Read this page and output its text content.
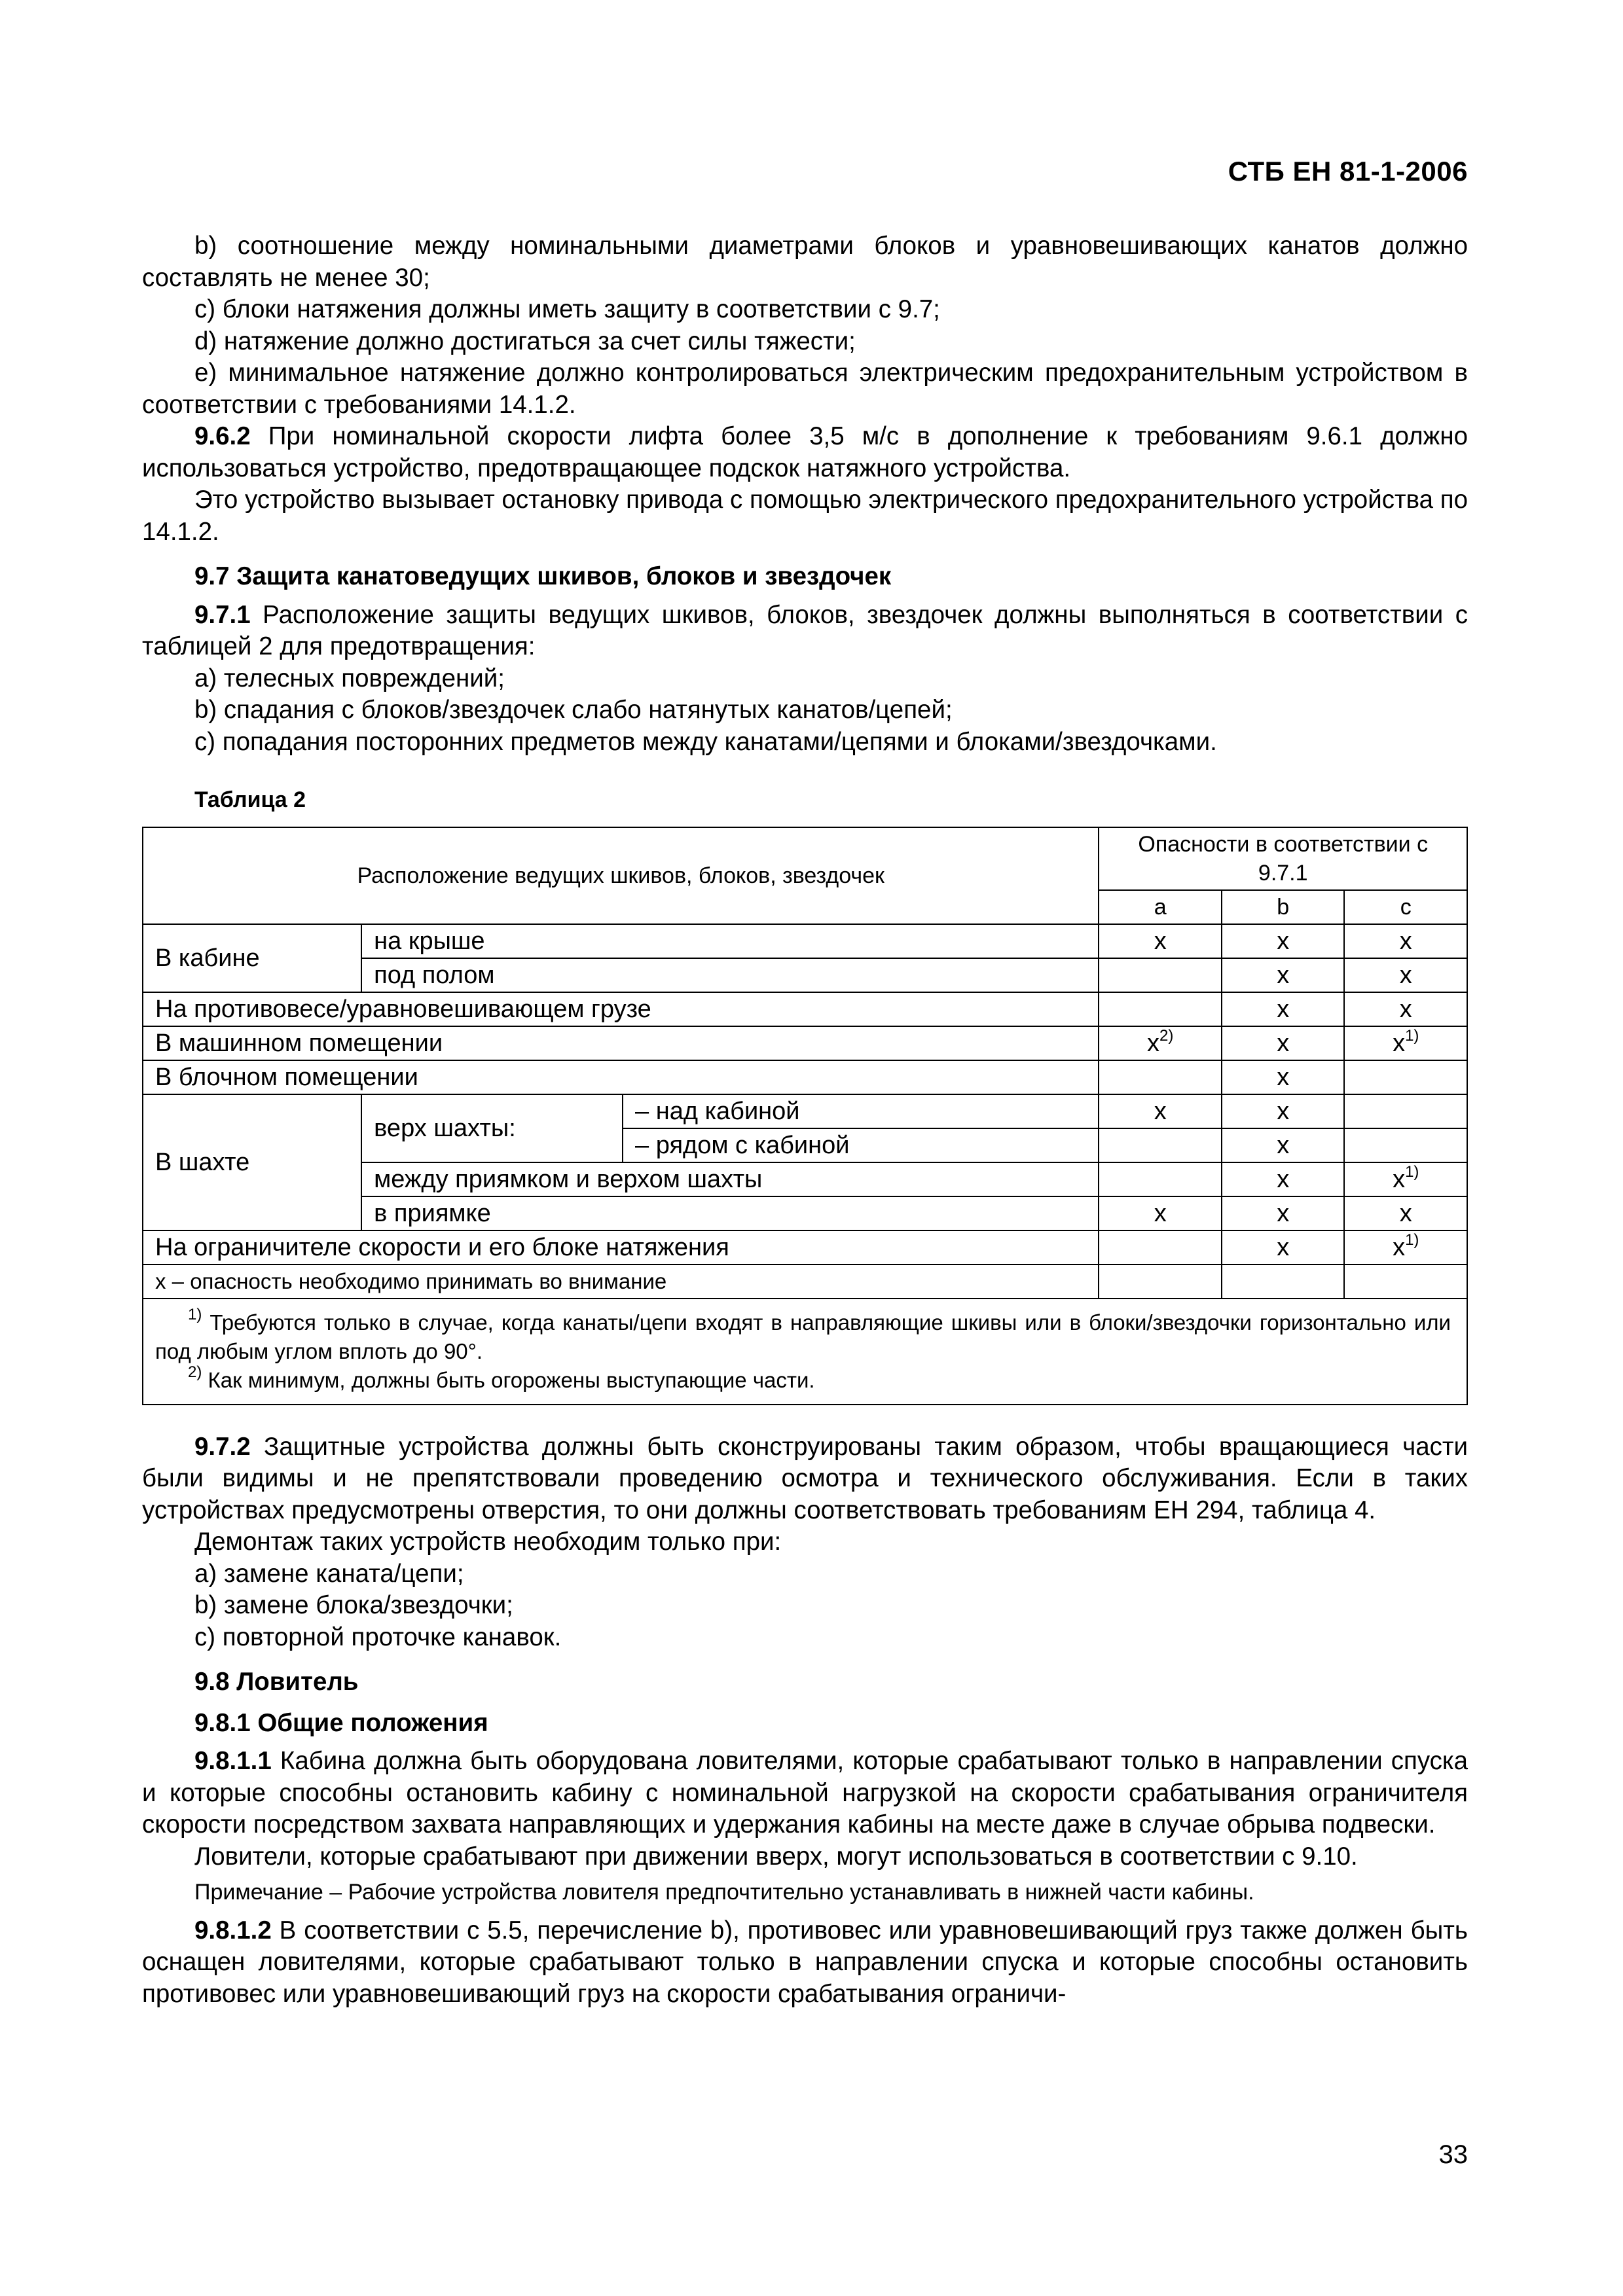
СТБ ЕН 81-1-2006

b) соотношение между номинальными диаметрами блоков и уравновешивающих канатов должно составлять не менее 30;

c) блоки натяжения должны иметь защиту в соответствии с 9.7;

d) натяжение должно достигаться за счет силы тяжести;

e) минимальное натяжение должно контролироваться электрическим предохранительным устройством в соответствии с требованиями 14.1.2.

9.6.2 При номинальной скорости лифта более 3,5 м/с в дополнение к требованиям 9.6.1 должно использоваться устройство, предотвращающее подскок натяжного устройства.

Это устройство вызывает остановку привода с помощью электрического предохранительного устройства по 14.1.2.

9.7 Защита канатоведущих шкивов, блоков и звездочек

9.7.1 Расположение защиты ведущих шкивов, блоков, звездочек должны выполняться в соответствии с таблицей 2 для предотвращения:

a) телесных повреждений;

b) спадания с блоков/звездочек слабо натянутых канатов/цепей;

c) попадания посторонних предметов между канатами/цепями и блоками/звездочками.

Таблица 2

Расположение ведущих шкивов, блоков, звездочек			Опасности в соответствии с 9.7.1		
			a	b	c
В кабине	на крыше		x	x	x
	под полом			x	x
На противовесе/уравновешивающем грузе				x	x
В машинном помещении			$x^{2)}$	x	$x^{1)}$
В блочном помещении				x	
В шахте	верх шахты:	– над кабиной	x	x	
		– рядом с кабиной		x	
	между приямком и верхом шахты			x	$x^{1)}$
	в приямке		x	x	x
На ограничителе скорости и его блоке натяжения				x	$x^{1)}$
x – опасность необходимо принимать во внимание					

$^{1)}$ Требуются только в случае, когда канаты/цепи входят в направляющие шкивы или в блоки/звездочки горизонтально или под любым углом вплоть до 90°.
$^{2)}$ Как минимум, должны быть огорожены выступающие части.					

9.7.2 Защитные устройства должны быть сконструированы таким образом, чтобы вращающиеся части были видимы и не препятствовали проведению осмотра и технического обслуживания. Если в таких устройствах предусмотрены отверстия, то они должны соответствовать требованиям ЕН 294, таблица 4.

Демонтаж таких устройств необходим только при:

a) замене каната/цепи;

b) замене блока/звездочки;

c) повторной проточке канавок.

9.8 Ловитель

9.8.1 Общие положения

9.8.1.1 Кабина должна быть оборудована ловителями, которые срабатывают только в направлении спуска и которые способны остановить кабину с номинальной нагрузкой на скорости срабатывания ограничителя скорости посредством захвата направляющих и удержания кабины на месте даже в случае обрыва подвески.

Ловители, которые срабатывают при движении вверх, могут использоваться в соответствии с 9.10.

Примечание – Рабочие устройства ловителя предпочтительно устанавливать в нижней части кабины.

9.8.1.2 В соответствии с 5.5, перечисление b), противовес или уравновешивающий груз также должен быть оснащен ловителями, которые срабатывают только в направлении спуска и которые способны остановить противовес или уравновешивающий груз на скорости срабатывания ограничи-

33
